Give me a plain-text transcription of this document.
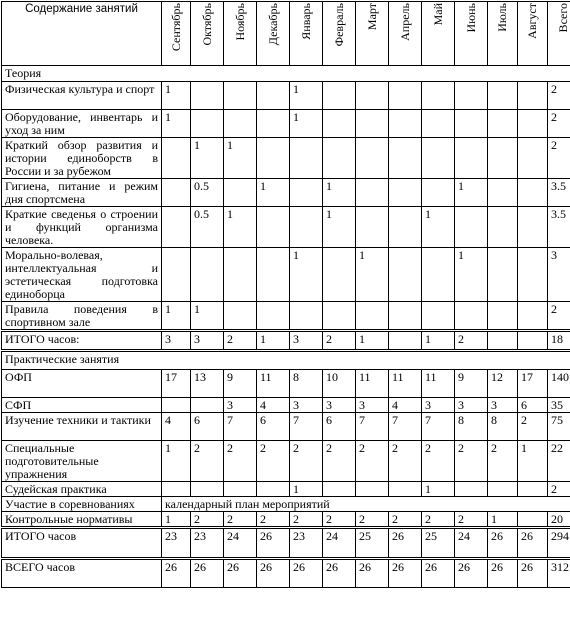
Содержание занятий	Сентябрь	Октябрь	Ноябрь	Декабрь	Январь	Февраль	Март	Апрель	Май	Июнь	Июль	Август	Всего
Теория													
Физическая культура и спорт	1				1								2
Оборудование, инвентарь и уход за ним	1				1								2
Краткий обзор развития и истории единоборств в России и за рубежом		1	1										2
Гигиена, питание и режим дня спортсмена		0.5		1		1				1			3.5
Краткие сведенья о строении и функций организма человека.		0.5	1			1			1				3.5
Морально-волевая, интеллектуальная и эстетическая подготовка единоборца					1		1			1			3
Правила поведения в спортивном зале	1	1											2
ИТОГО часов:	3	3	2	1	3	2	1		1	2			18
Практические занятия													
ОФП	17	13	9	11	8	10	11	11	11	9	12	17	140
СФП			3	4	3	3	3	4	3	3	3	6	35
Изучение техники и тактики	4	6	7	6	7	6	7	7	7	8	8	2	75
Специальные подготовительные упражнения	1	2	2	2	2	2	2	2	2	2	2	1	22
Судейская практика					1				1				2
Участие в соревнованиях	календарный план мероприятий												
Контрольные нормативы	1	2	2	2	2	2	2	2	2	2	1		20
ИТОГО часов	23	23	24	26	23	24	25	26	25	24	26	26	294
ВСЕГО часов	26	26	26	26	26	26	26	26	26	26	26	26	312
